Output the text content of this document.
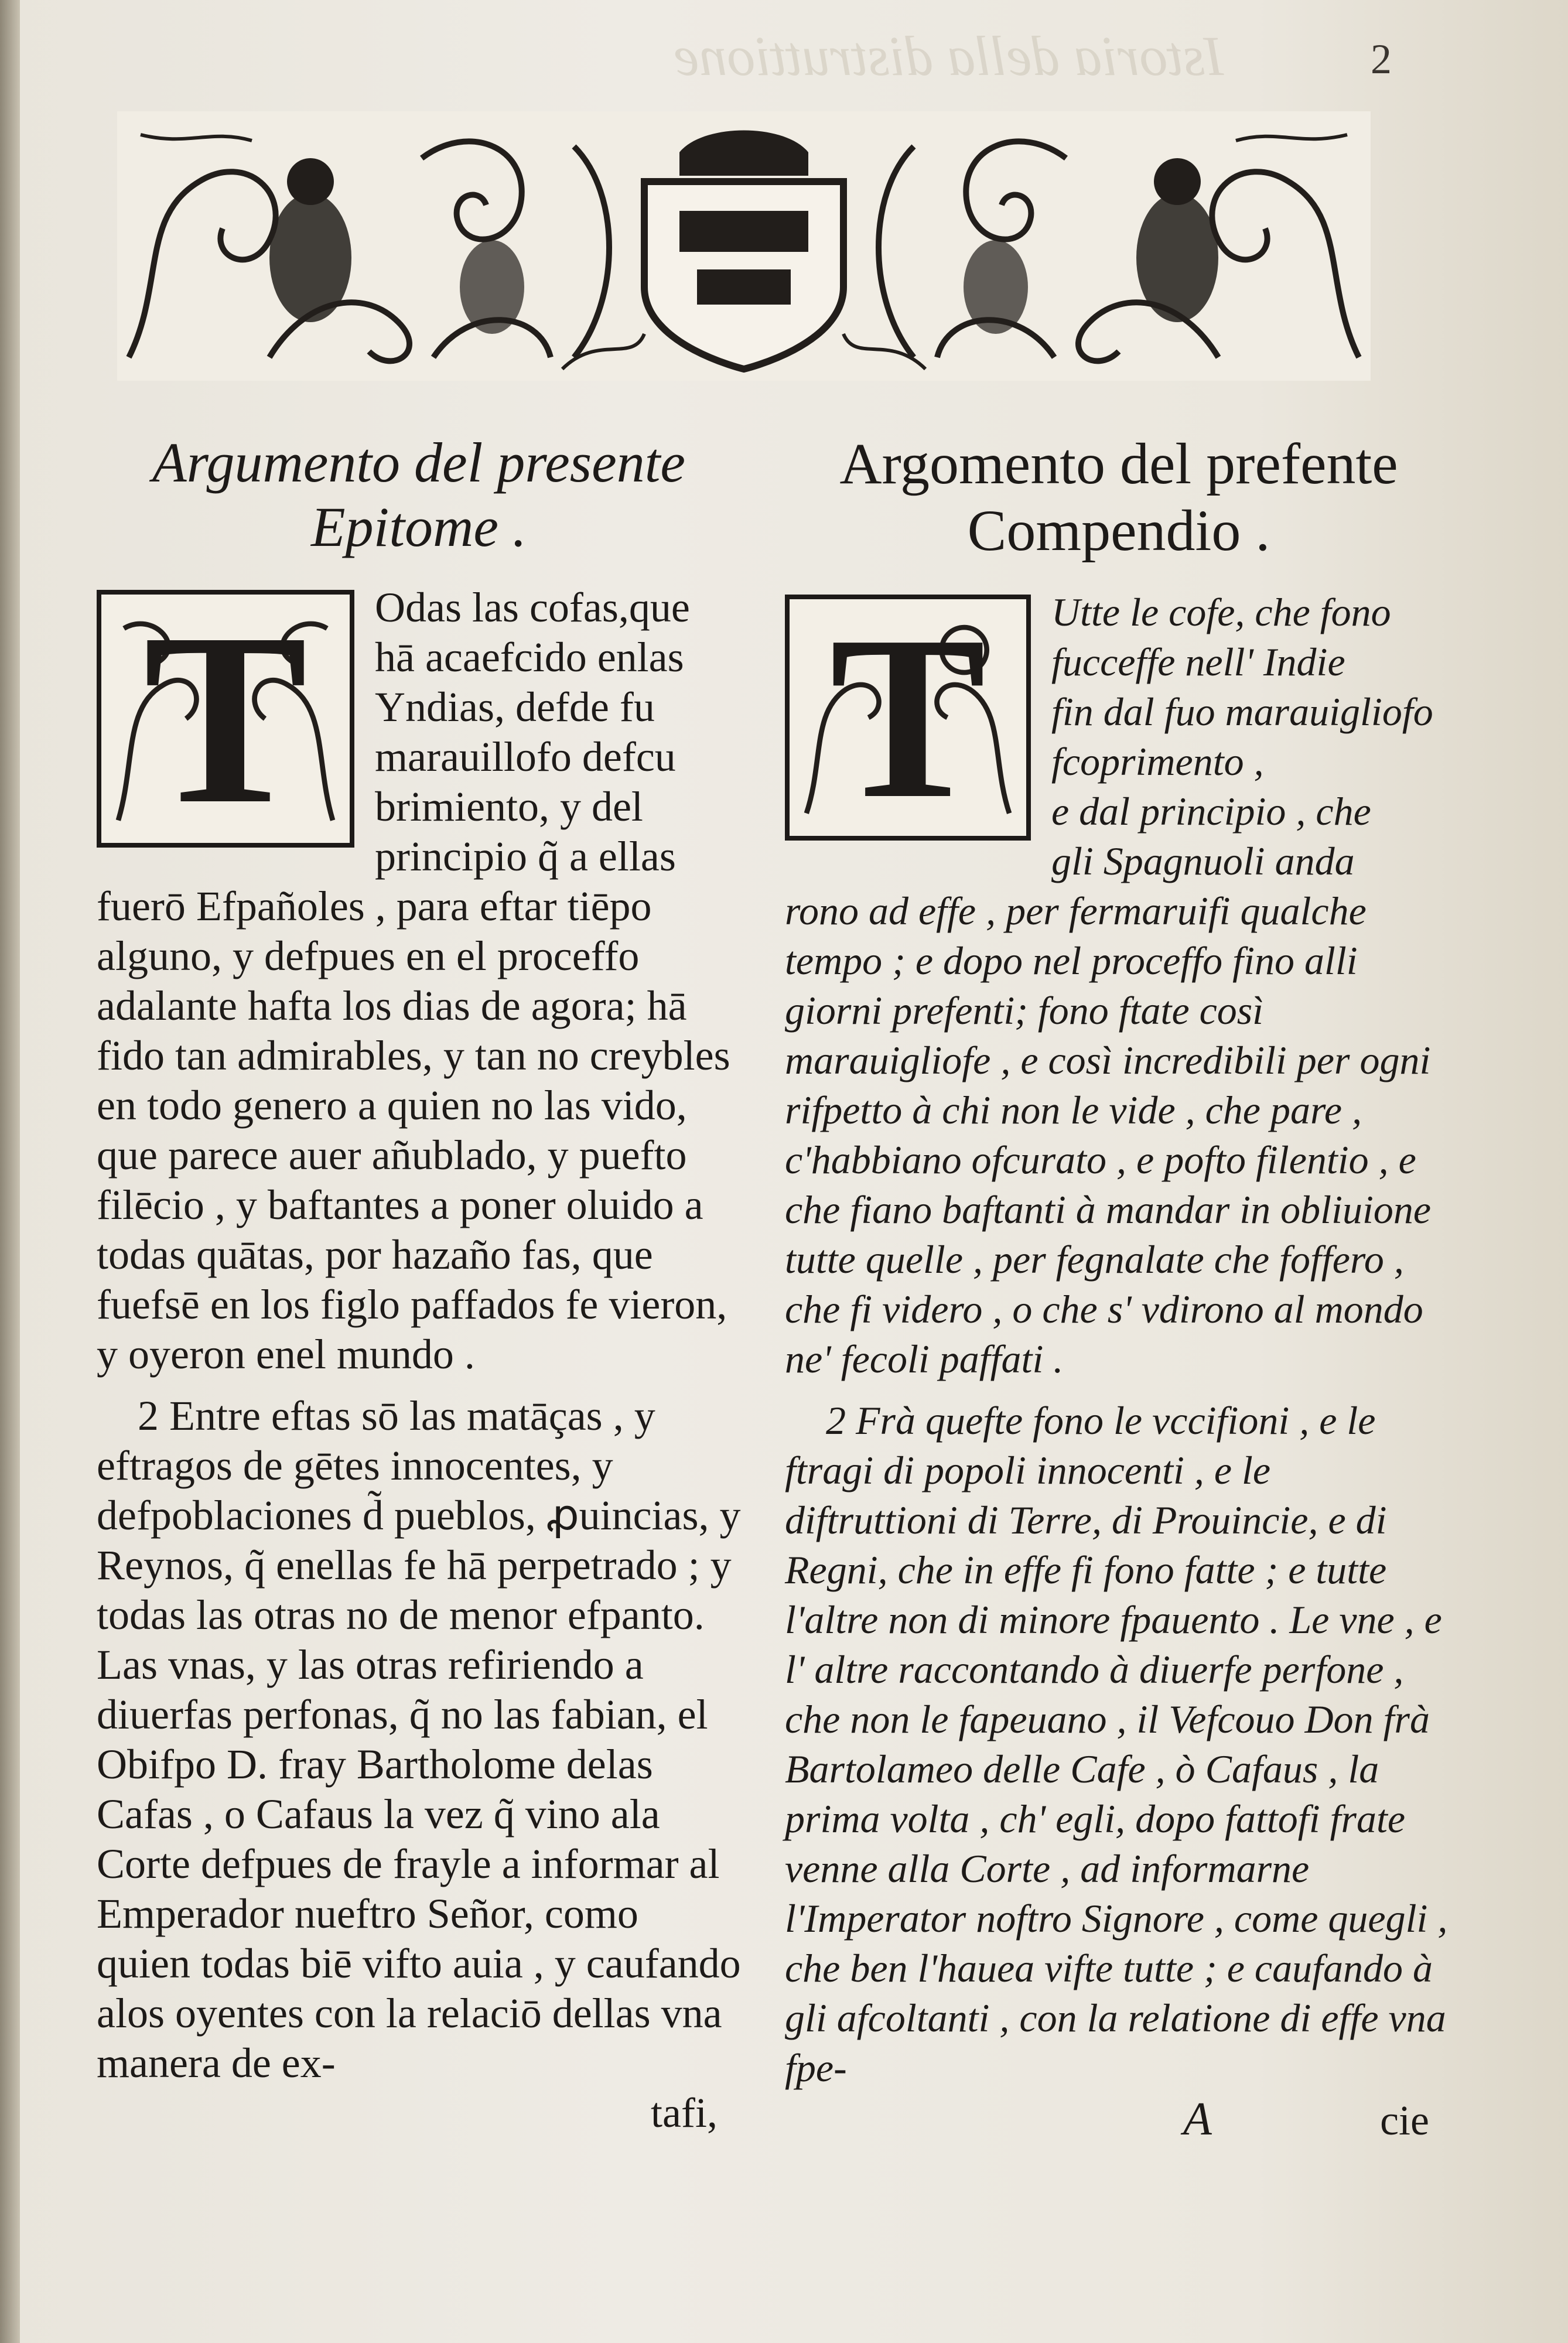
Istoria della distruttione	2
Argumento del presente
Epitome .
T	Odas las cofas,que

hā acaefcido enlas

Yndias, defde fu

marauillofo defcu

brimiento, y del

principio q̃ a ellas

fuerō Efpañoles , para eftar tiēpo alguno, y defpues en el proceffo adalante hafta los dias de agora; hā fido tan admirables, y tan no creybles en todo genero a quien no las vido, que parece auer añublado, y puefto filēcio , y baftantes a poner oluido a todas quātas, por hazaño fas, que fuefsē en los figlo paffados fe vieron, y oyeron enel mundo .

2 Entre eftas sō las matāças , y eftragos de gētes innocentes, y defpoblaciones d̃ pueblos, ꝓuincias, y Reynos, q̃ enellas fe hā perpetrado ; y todas las otras no de menor efpanto. Las vnas, y las otras refiriendo a diuerfas perfonas, q̃ no las fabian, el Obifpo D. fray Bartholome delas Cafas , o Cafaus la vez q̃ vino ala Corte defpues de frayle a informar al Emperador nueftro Señor, como quien todas biē vifto auia , y caufando alos oyentes con la relaciō dellas vna manera de ex-

tafi,
Argomento del prefente
Compendio .
T	Utte le cofe, che fono

fucceffe nell' Indie

fin dal fuo marauigliofo fcoprimento ,

e dal principio , che

gli Spagnuoli anda

rono ad effe , per fermaruifi qualche tempo ; e dopo nel proceffo fino alli giorni prefenti; fono ftate così marauigliofe , e così incredibili per ogni rifpetto à chi non le vide , che pare , c'habbiano ofcurato , e pofto filentio , e che fiano baftanti à mandar in obliuione tutte quelle , per fegnalate che foffero , che fi videro , o che s' vdirono al mondo ne' fecoli paffati .

2 Frà quefte fono le vccifioni , e le ftragi di popoli innocenti , e le diftruttioni di Terre, di Prouincie, e di Regni, che in effe fi fono fatte ; e tutte l'altre non di minore fpauento . Le vne , e l' altre raccontando à diuerfe perfone , che non le fapeuano , il Vefcouo Don frà Bartolameo delle Cafe , ò Cafaus , la prima volta , ch' egli, dopo fattofi frate venne alla Corte , ad informarne l'Imperator noftro Signore , come quegli , che ben l'hauea vifte tutte ; e caufando à gli afcoltanti , con la relatione di effe vna fpe-

A	cie
